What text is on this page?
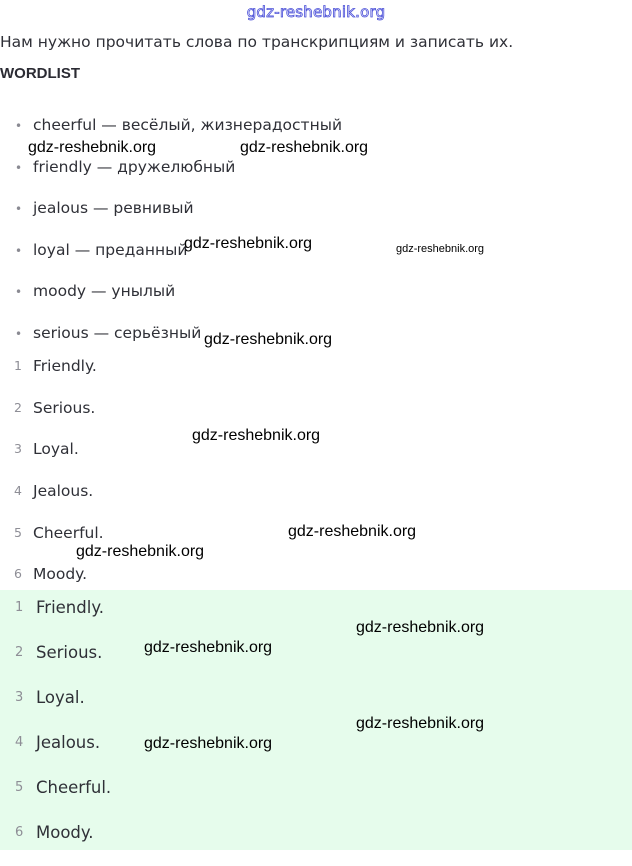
gdz-reshebnik.org
Нам нужно прочитать слова по транскрипциям и записать их.
WORDLIST
• cheerful — весёлый, жизнерадостный
• friendly — дружелюбный
• jealous — ревнивый
• loyal — преданный
• moody — унылый
• serious — серьёзный
1 Friendly.
2 Serious.
3 Loyal.
4 Jealous.
5 Cheerful.
6 Moody.
1 Friendly.
2 Serious.
3 Loyal.
4 Jealous.
5 Cheerful.
6 Moody.
gdz-reshebnik.org	gdz-reshebnik.org
gdz-reshebnik.org	gdz-reshebnik.org
gdz-reshebnik.org
gdz-reshebnik.org
gdz-reshebnik.org
gdz-reshebnik.org
gdz-reshebnik.org
gdz-reshebnik.org
gdz-reshebnik.org
gdz-reshebnik.org
